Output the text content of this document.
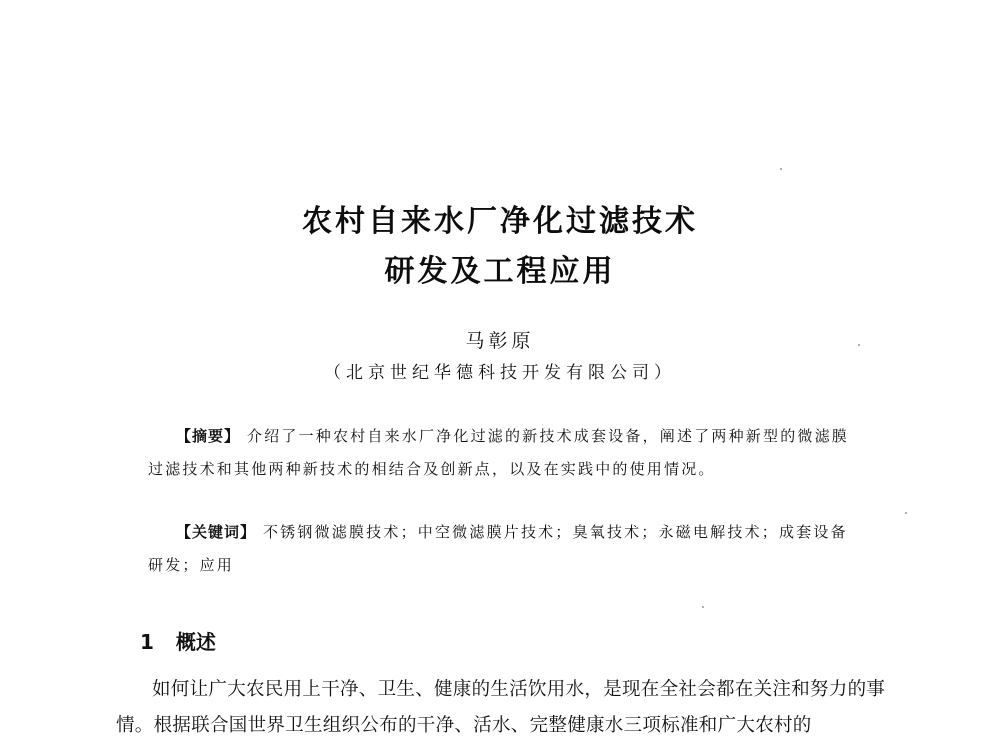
农村自来水厂净化过滤技术
研发及工程应用
马彰原
（北京世纪华德科技开发有限公司）
【摘要】 介绍了一种农村自来水厂净化过滤的新技术成套设备，阐述了两种新型的微滤膜过滤技术和其他两种新技术的相结合及创新点，以及在实践中的使用情况。
【关键词】 不锈钢微滤膜技术；中空微滤膜片技术；臭氧技术；永磁电解技术；成套设备研发；应用
1 概述
如何让广大农民用上干净、卫生、健康的生活饮用水，是现在全社会都在关注和努力的事情。根据联合国世界卫生组织公布的干净、活水、完整健康水三项标准和广大农村的
